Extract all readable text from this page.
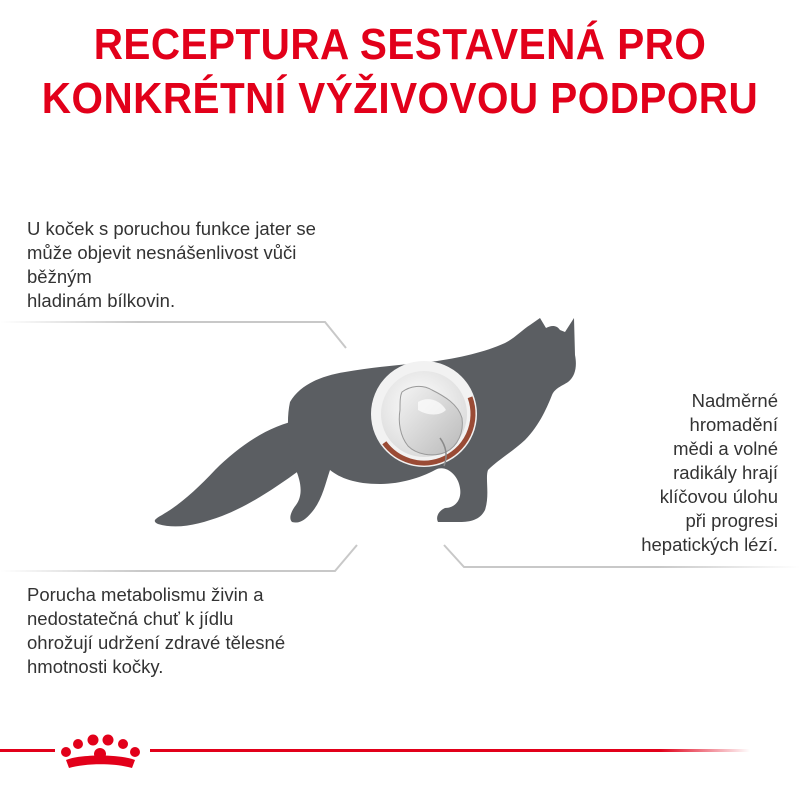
RECEPTURA SESTAVENÁ PRO
KONKRÉTNÍ VÝŽIVOVOU PODPORU
U koček s poruchou funkce jater se
může objevit nesnášenlivost vůči
běžným
hladinám bílkovin.
Nadměrné
hromadění
mědi a volné
radikály hrají
klíčovou úlohu
při progresi
hepatických lézí.
Porucha metabolismu živin a
nedostatečná chuť k jídlu
ohrožují udržení zdravé tělesné
hmotnosti kočky.
